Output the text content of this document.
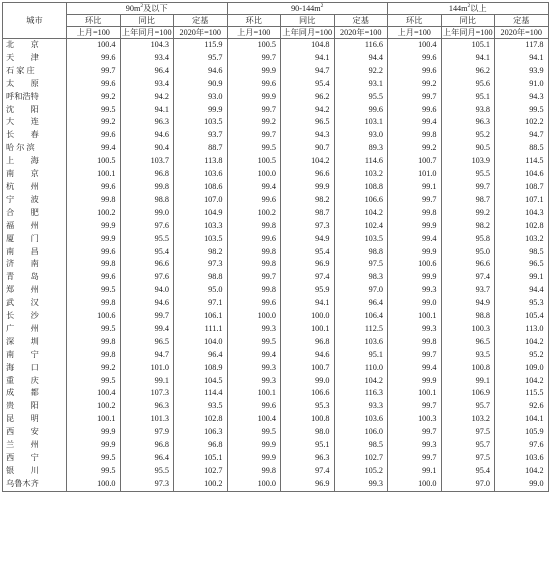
城市	$90m^2$及以下			$90-144m^2$			$144m^2$以上		
	环比	同比	定基	环比	同比	定基	环比	同比	定基
	上月=100	上年同月=100	2020年=100	上月=100	上年同月=100	2020年=100	上月=100	上年同月=100	2020年=100
北　　京	100.4	104.3	115.9	100.5	104.8	116.6	100.4	105.1	117.8
天　　津	99.6	93.4	95.7	99.7	94.1	94.4	99.6	94.1	94.1
石 家 庄	99.7	96.4	94.6	99.9	94.7	92.2	99.6	96.2	93.9
太　　原	99.6	93.4	90.9	99.6	95.4	93.1	99.2	95.6	91.0
呼和浩特	99.2	94.2	93.0	99.9	96.2	95.5	99.7	95.1	94.3
沈　　阳	99.5	94.1	99.9	99.7	94.2	99.6	99.6	93.8	99.5
大　　连	99.2	96.3	103.5	99.2	96.5	103.1	99.4	96.3	102.2
长　　春	99.6	94.6	93.7	99.7	94.3	93.0	99.8	95.2	94.7
哈 尔 滨	99.4	90.4	88.7	99.5	90.7	89.3	99.2	90.5	88.5
上　　海	100.5	103.7	113.8	100.5	104.2	114.6	100.7	103.9	114.5
南　　京	100.1	96.8	103.6	100.0	96.6	103.2	101.0	95.5	104.6
杭　　州	99.6	99.8	108.6	99.4	99.9	108.8	99.1	99.7	108.7
宁　　波	99.8	98.8	107.0	99.6	98.2	106.6	99.7	98.7	107.1
合　　肥	100.2	99.0	104.9	100.2	98.7	104.2	99.8	99.2	104.3
福　　州	99.9	97.6	103.3	99.8	97.3	102.4	99.9	98.2	102.8
厦　　门	99.9	95.5	103.5	99.6	94.9	103.5	99.4	95.8	103.2
南　　昌	99.6	95.4	98.2	99.8	95.4	98.8	99.9	95.0	98.5
济　　南	99.8	96.6	97.3	99.8	96.9	97.5	100.6	96.6	96.5
青　　岛	99.6	97.6	98.8	99.7	97.4	98.3	99.9	97.4	99.1
郑　　州	99.5	94.0	95.0	99.8	95.9	97.0	99.3	93.7	94.4
武　　汉	99.8	94.6	97.1	99.6	94.1	96.4	99.0	94.9	95.3
长　　沙	100.6	99.7	106.1	100.0	100.0	106.4	100.1	98.8	105.4
广　　州	99.5	99.4	111.1	99.3	100.1	112.5	99.3	100.3	113.0
深　　圳	99.8	96.5	104.0	99.5	96.8	103.6	99.8	96.5	104.2
南　　宁	99.8	94.7	96.4	99.4	94.6	95.1	99.7	93.5	95.2
海　　口	99.2	101.0	108.9	99.3	100.7	110.0	99.4	100.8	109.0
重　　庆	99.5	99.1	104.5	99.3	99.0	104.2	99.9	99.1	104.2
成　　都	100.4	107.3	114.4	100.1	106.6	116.3	100.1	106.9	115.5
贵　　阳	100.2	96.3	93.5	99.6	95.3	93.3	99.7	95.7	92.6
昆　　明	100.1	101.3	102.8	100.4	100.8	103.6	100.3	103.2	104.1
西　　安	99.9	97.9	106.3	99.5	98.0	106.0	99.7	97.5	105.9
兰　　州	99.9	96.8	96.8	99.9	95.1	98.5	99.3	95.7	97.6
西　　宁	99.5	96.4	105.1	99.9	96.3	102.7	99.7	97.5	103.6
银　　川	99.5	95.5	102.7	99.8	97.4	105.2	99.1	95.4	104.2
乌鲁木齐	100.0	97.3	100.2	100.0	96.9	99.3	100.0	97.0	99.0
